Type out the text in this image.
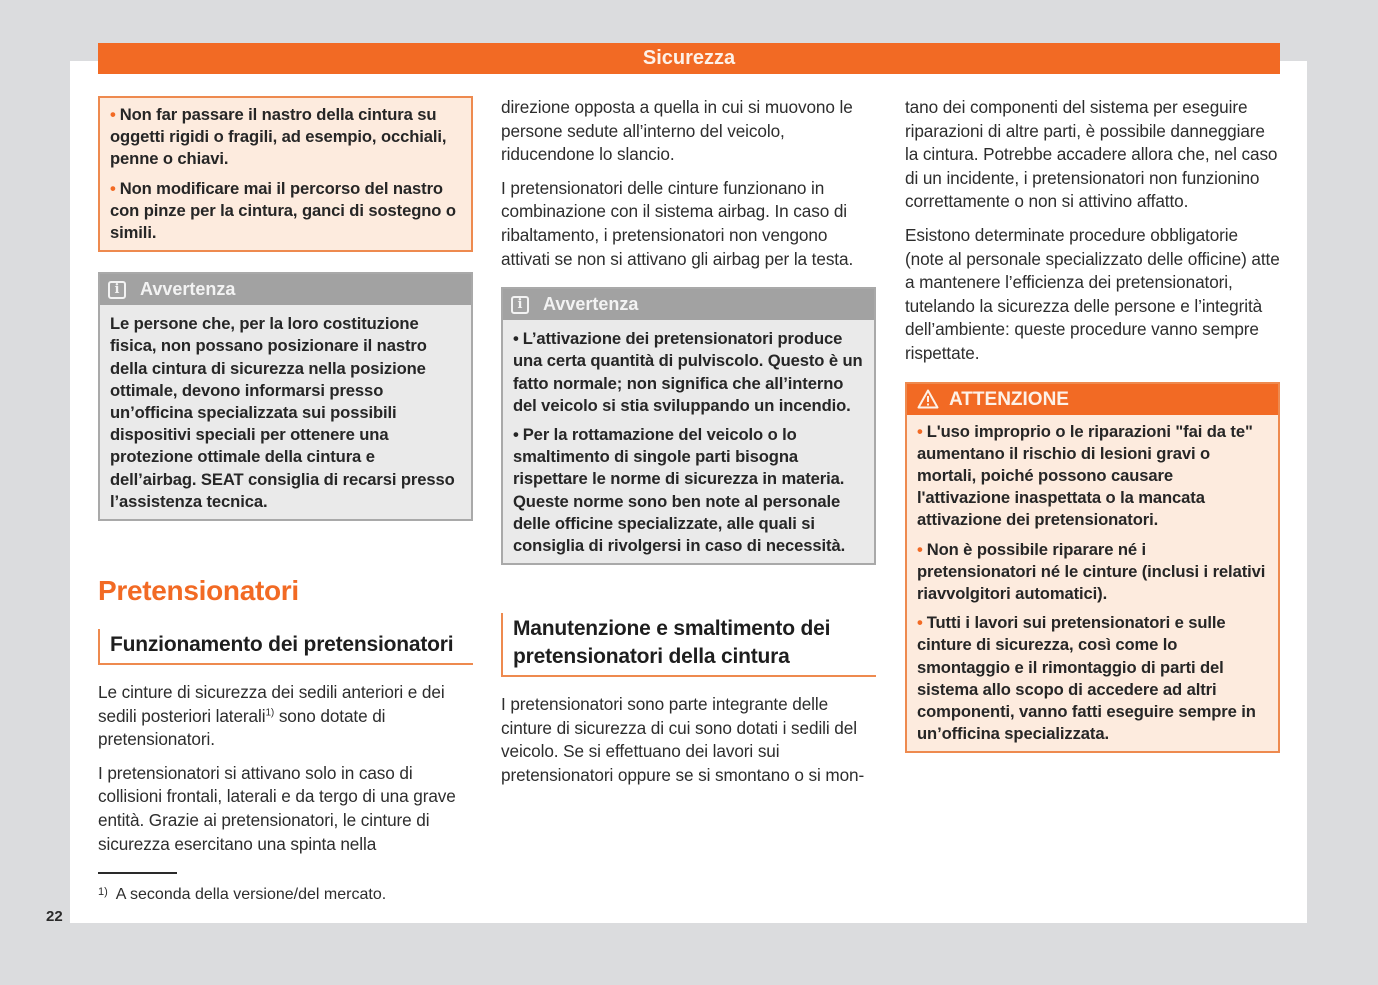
Sicurezza
• Non far passare il nastro della cintura su oggetti rigidi o fragili, ad esempio, occhiali, penne o chiavi.
• Non modificare mai il percorso del nastro con pinze per la cintura, ganci di sostegno o simili.
i	Avvertenza
Le persone che, per la loro costituzione fisica, non possano posizionare il nastro della cintura di sicurezza nella posizione ottimale, devono informarsi presso un’officina specializzata sui possibili dispositivi speciali per ottenere una protezione ottimale della cintura e dell’airbag. SEAT consiglia di recarsi presso l’assistenza tecnica.
Pretensionatori
Funzionamento dei pretensionatori
Le cinture di sicurezza dei sedili anteriori e dei sedili posteriori laterali$^{1)}$ sono dotate di pretensionatori.
I pretensionatori si attivano solo in caso di collisioni frontali, laterali e da tergo di una grave entità. Grazie ai pretensionatori, le cinture di sicurezza esercitano una spinta nella
direzione opposta a quella in cui si muovono le persone sedute all’interno del veicolo, riducendone lo slancio.
I pretensionatori delle cinture funzionano in combinazione con il sistema airbag. In caso di ribaltamento, i pretensionatori non vengono attivati se non si attivano gli airbag per la testa.
i	Avvertenza
• L’attivazione dei pretensionatori produce una certa quantità di pulviscolo. Questo è un fatto normale; non significa che all’interno del veicolo si stia sviluppando un incendio.
• Per la rottamazione del veicolo o lo smaltimento di singole parti bisogna rispettare le norme di sicurezza in materia. Queste norme sono ben note al personale delle officine specializzate, alle quali si consiglia di rivolgersi in caso di necessità.
Manutenzione e smaltimento dei pretensionatori della cintura
I pretensionatori sono parte integrante delle cinture di sicurezza di cui sono dotati i sedili del veicolo. Se si effettuano dei lavori sui pretensionatori oppure se si smontano o si mon-
tano dei componenti del sistema per eseguire riparazioni di altre parti, è possibile danneggiare la cintura. Potrebbe accadere allora che, nel caso di un incidente, i pretensionatori non funzionino correttamente o non si attivino affatto.
Esistono determinate procedure obbligatorie (note al personale specializzato delle officine) atte a mantenere l’efficienza dei pretensionatori, tutelando la sicurezza delle persone e l’integrità dell’ambiente: queste procedure vanno sempre rispettate.
ATTENZIONE
• L'uso improprio o le riparazioni "fai da te" aumentano il rischio di lesioni gravi o mortali, poiché possono causare l'attivazione inaspettata o la mancata attivazione dei pretensionatori.
• Non è possibile riparare né i pretensionatori né le cinture (inclusi i relativi riavvolgitori automatici).
• Tutti i lavori sui pretensionatori e sulle cinture di sicurezza, così come lo smontaggio e il rimontaggio di parti del sistema allo scopo di accedere ad altri componenti, vanno fatti eseguire sempre in un’officina specializzata.
$^{1)}$ A seconda della versione/del mercato.
22
